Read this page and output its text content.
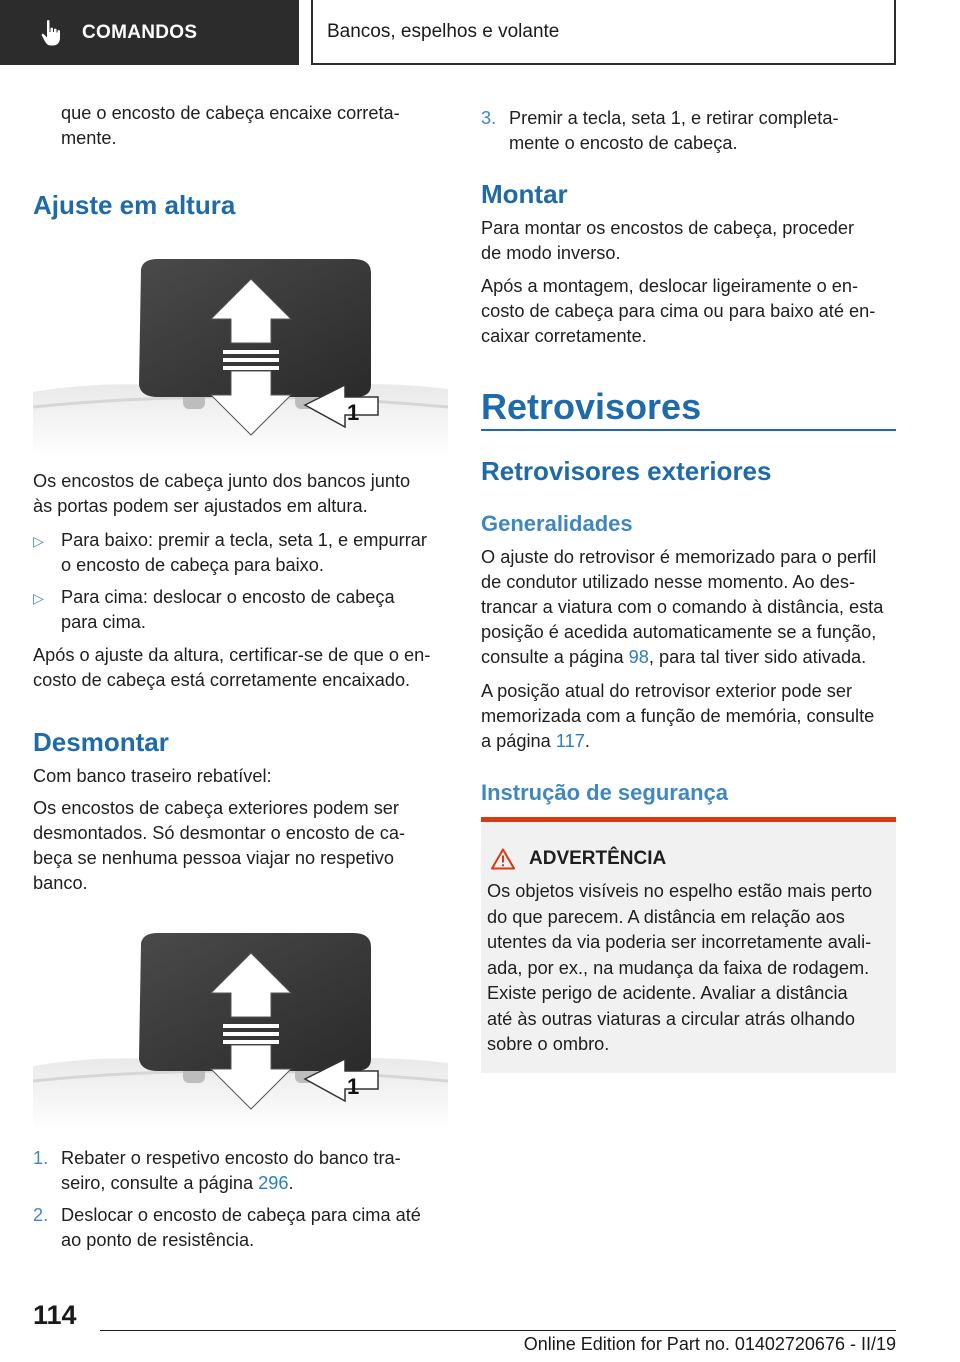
COMANDOS	Bancos, espelhos e volante

que o encosto de cabeça encaixe correta-

mente.

Ajuste em altura
1

Os encostos de cabeça junto dos bancos junto

às portas podem ser ajustados em altura.

▷ Para baixo: premir a tecla, seta 1, e empurrar

o encosto de cabeça para baixo.

▷ Para cima: deslocar o encosto de cabeça

para cima.

Após o ajuste da altura, certificar-se de que o en-

costo de cabeça está corretamente encaixado.

Desmontar

Com banco traseiro rebatível:

Os encostos de cabeça exteriores podem ser

desmontados. Só desmontar o encosto de ca-

beça se nenhuma pessoa viajar no respetivo

banco.

1
1. Rebater o respetivo encosto do banco tra-

seiro, consulte a página 296.

2. Deslocar o encosto de cabeça para cima até

ao ponto de resistência.

3. Premir a tecla, seta 1, e retirar completa-

mente o encosto de cabeça.

Montar

Para montar os encostos de cabeça, proceder

de modo inverso.

Após a montagem, deslocar ligeiramente o en-

costo de cabeça para cima ou para baixo até en-

caixar corretamente.

Retrovisores
Retrovisores exteriores
Generalidades

O ajuste do retrovisor é memorizado para o perfil

de condutor utilizado nesse momento. Ao des-

trancar a viatura com o comando à distância, esta

posição é acedida automaticamente se a função,

consulte a página 98, para tal tiver sido ativada.

A posição atual do retrovisor exterior pode ser

memorizada com a função de memória, consulte

a página 117.

Instrução de segurança
ADVERTÊNCIA

Os objetos visíveis no espelho estão mais perto

do que parecem. A distância em relação aos

utentes da via poderia ser incorretamente avali-

ada, por ex., na mudança da faixa de rodagem.

Existe perigo de acidente. Avaliar a distância

até às outras viaturas a circular atrás olhando

sobre o ombro.

114
Online Edition for Part no. 01402720676 - II/19
